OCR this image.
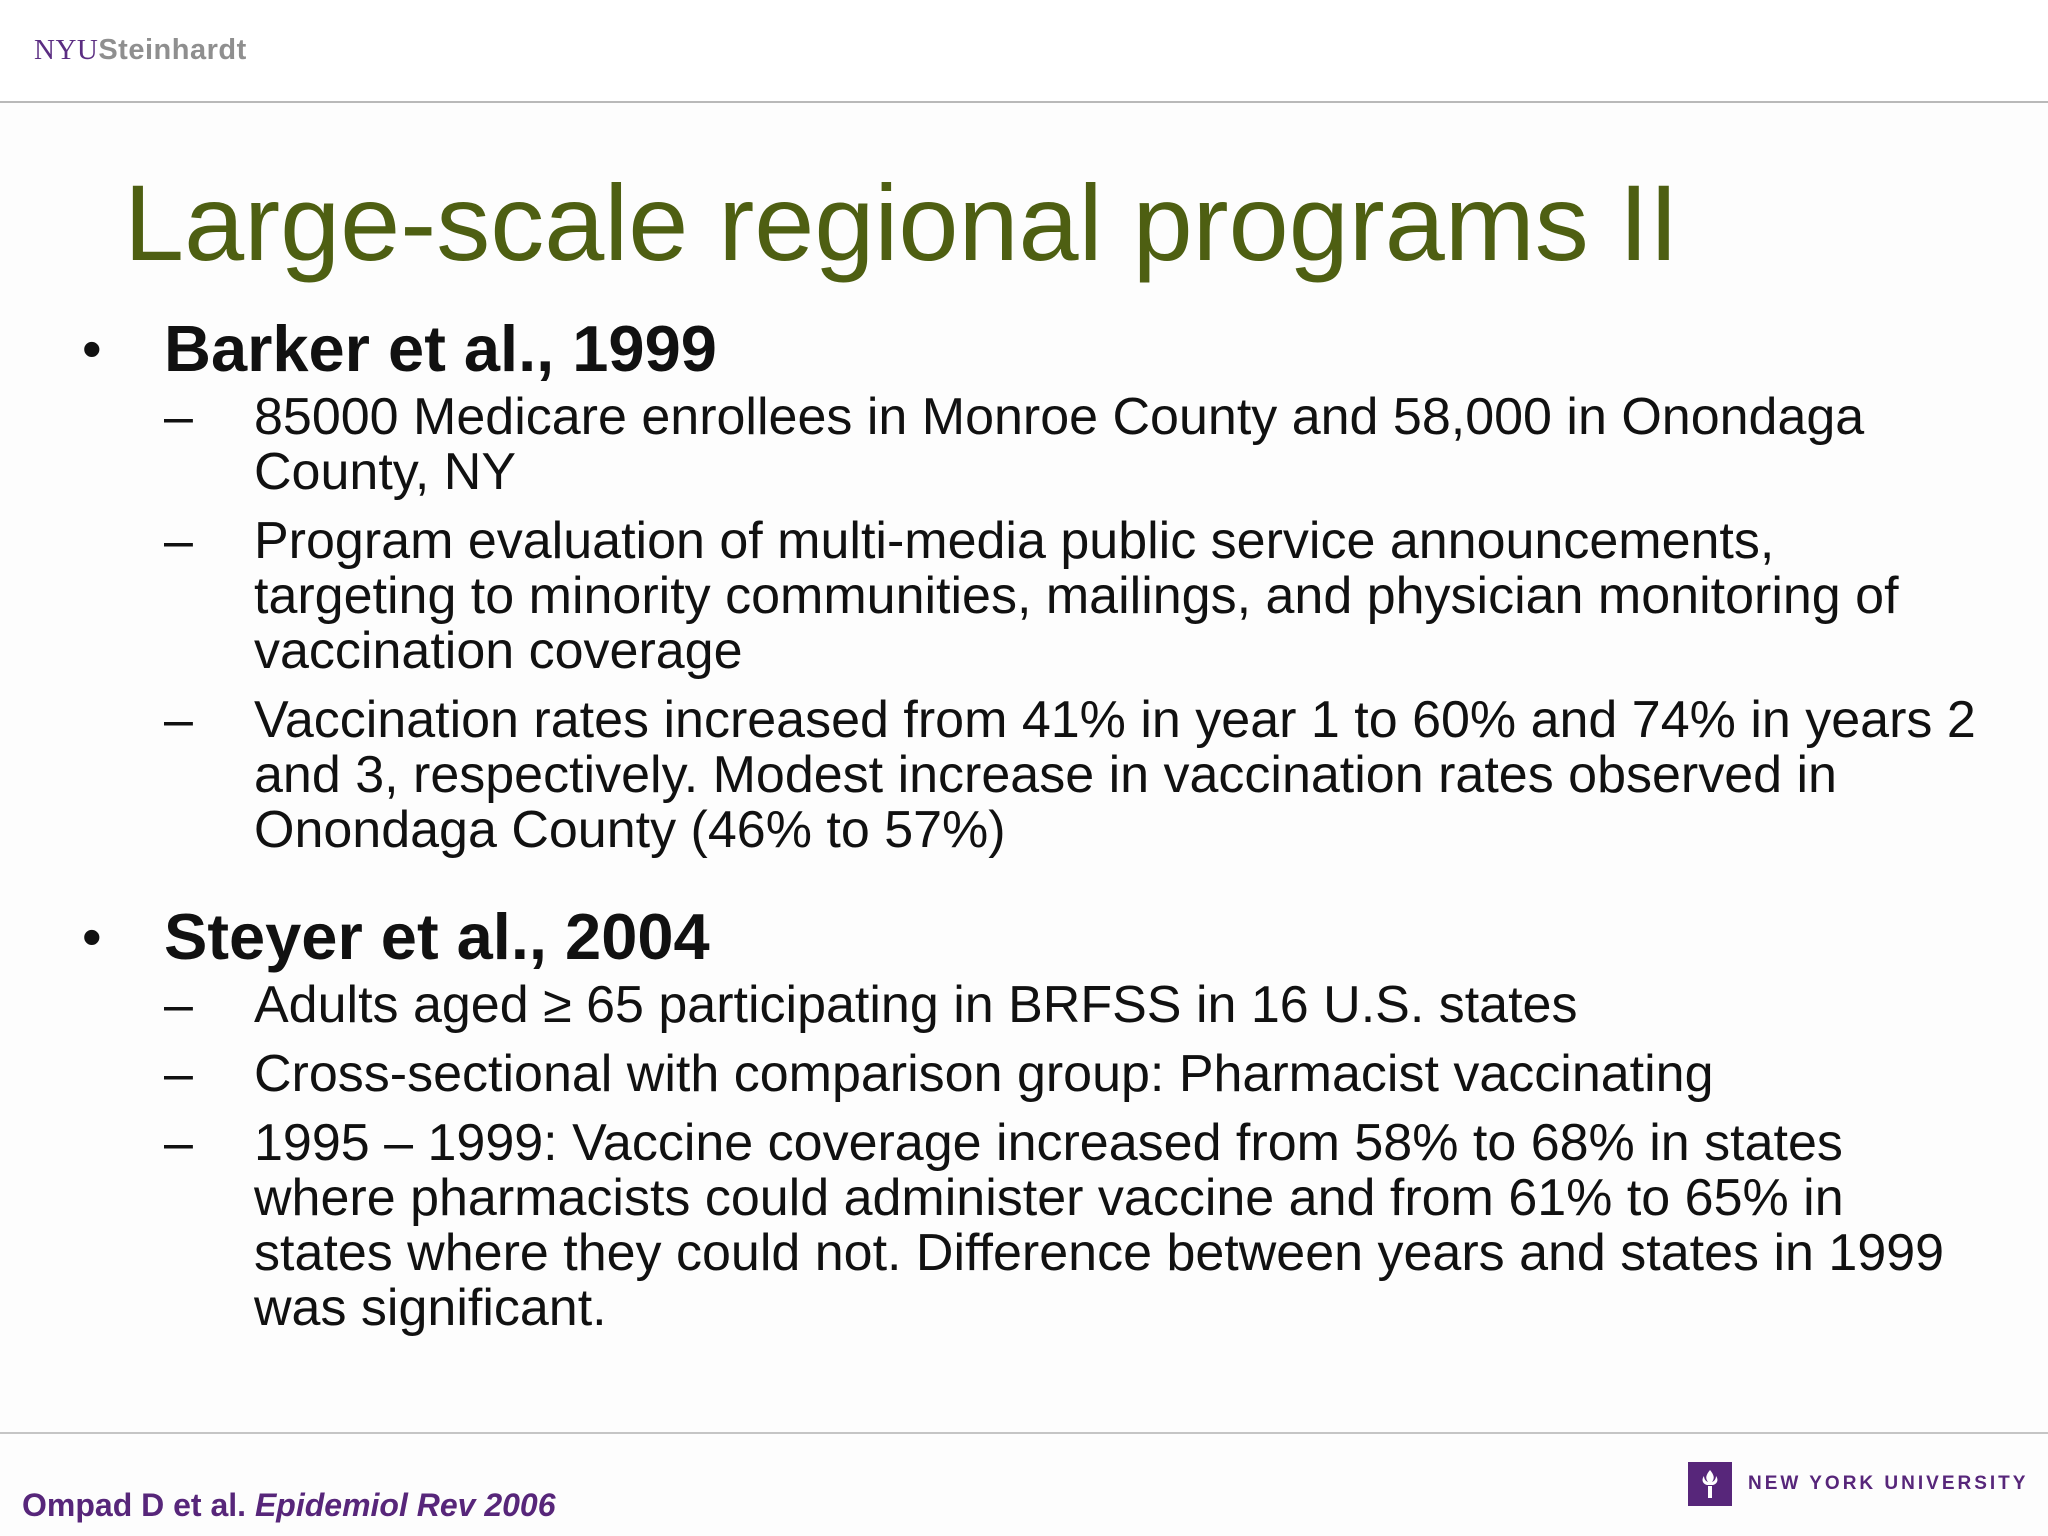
NYUSteinhardt
Large-scale regional programs II
• Barker et al., 1999
– 85000 Medicare enrollees in Monroe County and 58,000 in Onondaga County, NY
– Program evaluation of multi-media public service announcements, targeting to minority communities, mailings, and physician monitoring of vaccination coverage
– Vaccination rates increased from 41% in year 1 to 60% and 74% in years 2 and 3, respectively. Modest increase in vaccination rates observed in Onondaga County (46% to 57%)
• Steyer et al., 2004
– Adults aged ≥ 65 participating in BRFSS in 16 U.S. states
– Cross-sectional with comparison group: Pharmacist vaccinating
– 1995 – 1999: Vaccine coverage increased from 58% to 68% in states where pharmacists could administer vaccine and from 61% to 65% in states where they could not. Difference between years and states in 1999 was significant.
Ompad D et al. Epidemiol Rev 2006
NEW YORK UNIVERSITY
